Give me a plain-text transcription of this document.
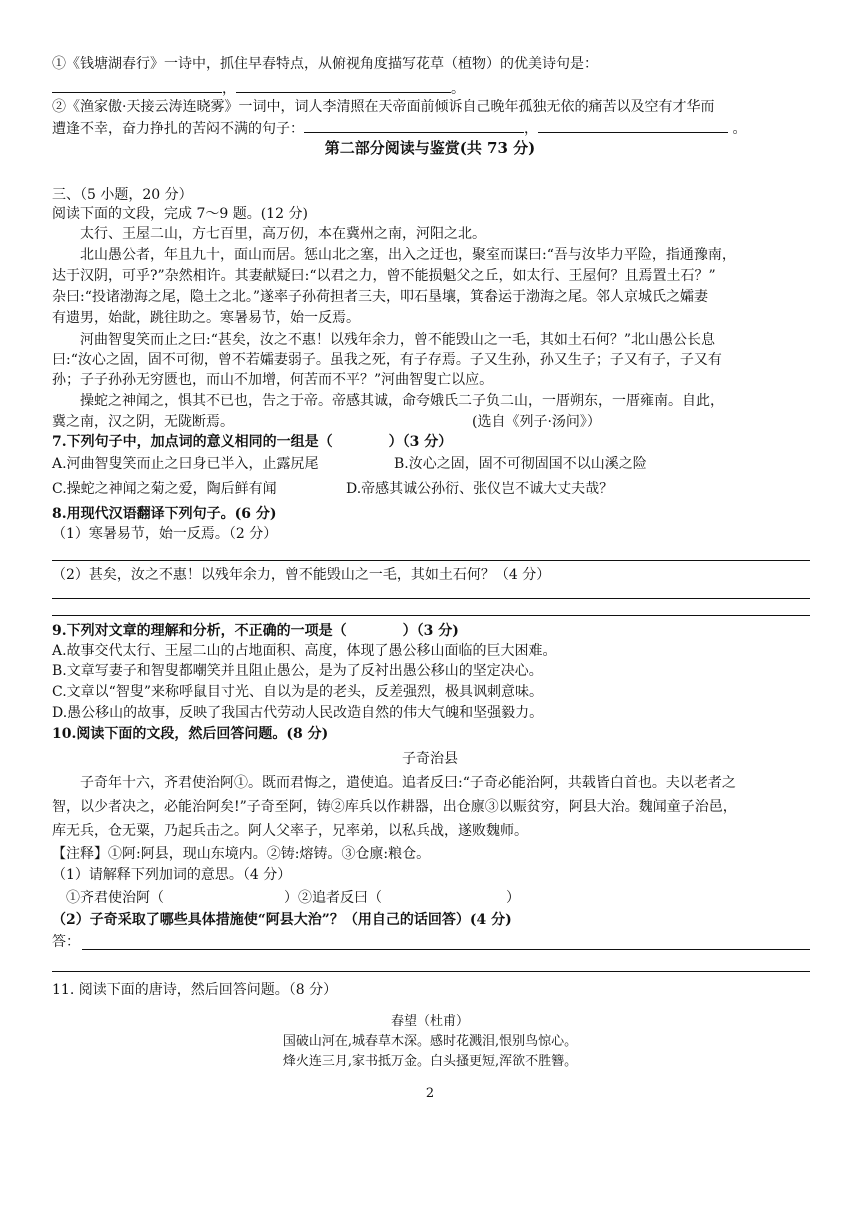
①《钱塘湖春行》一诗中，抓住早春特点，从俯视角度描写花草（植物）的优美诗句是：
，	。
②《渔家傲·天接云涛连晓雾》一词中，词人李清照在天帝面前倾诉自己晚年孤独无依的痛苦以及空有才华而
遭逢不幸，奋力挣扎的苦闷不满的句子：	，	。
第二部分阅读与鉴赏(共 73 分)
三、（5 小题，20 分）
阅读下面的文段，完成 7～9 题。(12 分)
太行、王屋二山，方七百里，高万仞，本在冀州之南，河阳之北。
北山愚公者，年且九十，面山而居。惩山北之塞，出入之迂也，聚室而谋曰:“吾与汝毕力平险，指通豫南，
达于汉阴，可乎?”杂然相许。其妻献疑曰:“以君之力，曾不能损魁父之丘，如太行、王屋何？且焉置土石？”
杂曰:“投诸渤海之尾，隐土之北。”遂率子孙荷担者三夫，叩石垦壤，箕畚运于渤海之尾。邻人京城氏之孀妻
有遗男，始龀，跳往助之。寒暑易节，始一反焉。
河曲智叟笑而止之曰:“甚矣，汝之不惠！以残年余力，曾不能毁山之一毛，其如土石何？”北山愚公长息
曰:“汝心之固，固不可彻，曾不若孀妻弱子。虽我之死，有子存焉。子又生孙，孙又生子；子又有子，子又有
孙；子子孙孙无穷匮也，而山不加增，何苦而不平？”河曲智叟亡以应。
操蛇之神闻之，惧其不已也，告之于帝。帝感其诚，命夸娥氏二子负二山，一厝朔东，一厝雍南。自此，
冀之南，汉之阴，无陇断焉。	(选自《列子·汤问》）
7.下列句子中，加点词的意义相同的一组是（	）（3 分）
A.河曲智叟笑而止之曰身已半入，止露尻尾	B.汝心之固，固不可彻固国不以山溪之险
C.操蛇之神闻之菊之爱，陶后鲜有闻	D.帝感其诚公孙衍、张仪岂不诚大丈夫哉？
8.用现代汉语翻译下列句子。(6 分)
（1）寒暑易节，始一反焉。（2 分）
（2）甚矣，汝之不惠！以残年余力，曾不能毁山之一毛，其如土石何？（4 分）
9.下列对文章的理解和分析，不正确的一项是（	）（3 分)
A.故事交代太行、王屋二山的占地面积、高度，体现了愚公移山面临的巨大困难。
B.文章写妻子和智叟都嘲笑并且阻止愚公，是为了反衬出愚公移山的坚定决心。
C.文章以“智叟”来称呼鼠目寸光、自以为是的老头，反差强烈，极具讽刺意味。
D.愚公移山的故事，反映了我国古代劳动人民改造自然的伟大气魄和坚强毅力。
10.阅读下面的文段，然后回答问题。(8 分)
子奇治县
子奇年十六，齐君使治阿①。既而君悔之，遣使追。追者反曰:“子奇必能治阿，共载皆白首也。夫以老者之
智，以少者决之，必能治阿矣!”子奇至阿，铸②库兵以作耕器，出仓廪③以赈贫穷，阿县大治。魏闻童子治邑，
库无兵，仓无粟，乃起兵击之。阿人父率子，兄率弟，以私兵战，遂败魏师。
【注释】①阿:阿县，现山东境内。②铸:熔铸。③仓廪:粮仓。
（1）请解释下列加词的意思。（4 分）
①齐君使治阿（	）②追者反曰（	）
（2）子奇采取了哪些具体措施使“阿县大治”？（用自己的话回答）(4 分)
答：
11. 阅读下面的唐诗，然后回答问题。（8 分）
春望（杜甫）
国破山河在,城春草木深。感时花溅泪,恨别鸟惊心。
烽火连三月,家书抵万金。白头搔更短,浑欲不胜簪。
2
